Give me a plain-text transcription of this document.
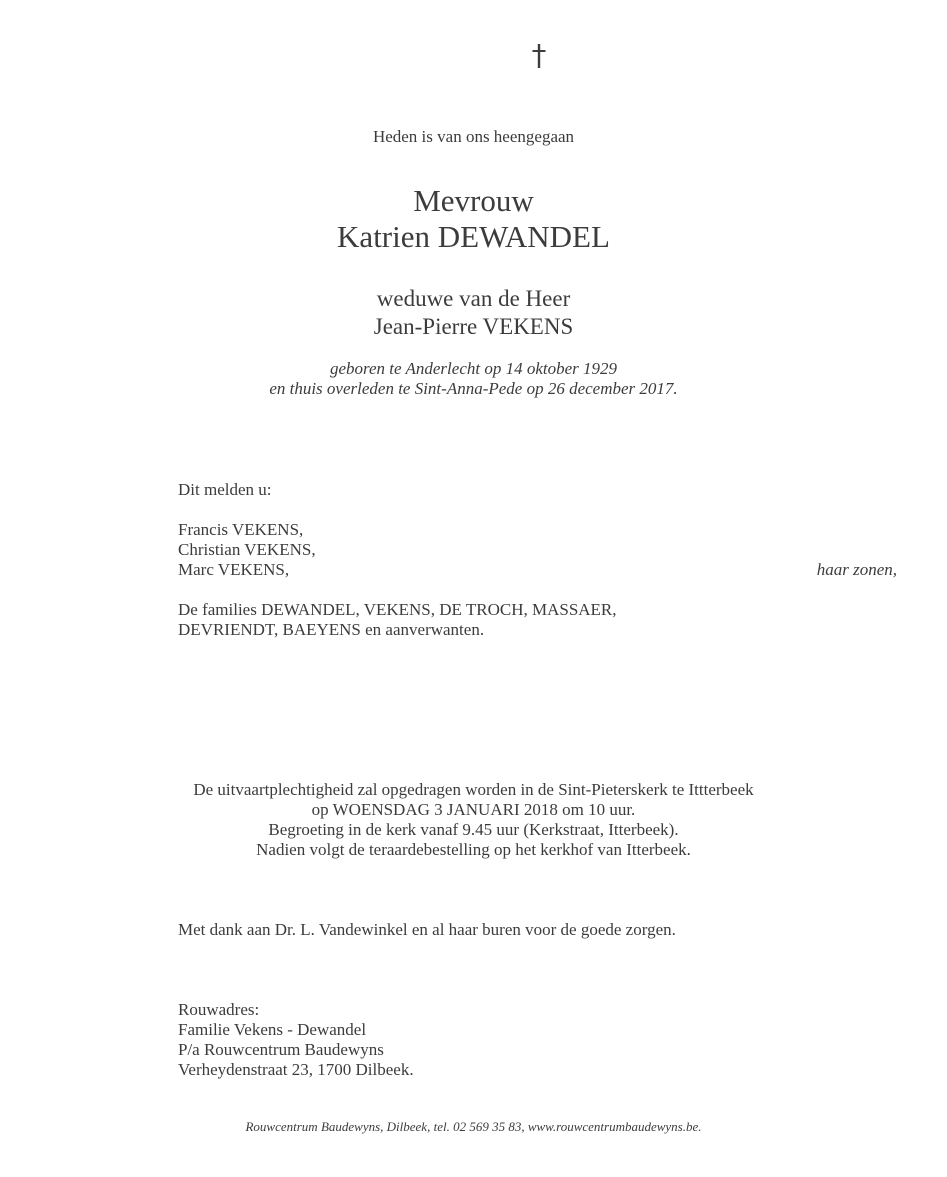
Heden is van ons heengegaan
Mevrouw
Katrien DEWANDEL
weduwe van de Heer
Jean-Pierre VEKENS
geboren te Anderlecht op 14 oktober 1929
en thuis overleden te Sint-Anna-Pede op 26 december 2017.
Dit melden u:
Francis VEKENS,
Christian VEKENS,
Marc VEKENS,	haar zonen,
De families DEWANDEL, VEKENS, DE TROCH, MASSAER,
DEVRIENDT, BAEYENS en aanverwanten.
De uitvaartplechtigheid zal opgedragen worden in de Sint-Pieterskerk te Ittterbeek
op WOENSDAG 3 JANUARI 2018 om 10 uur.
Begroeting in de kerk vanaf 9.45 uur (Kerkstraat, Itterbeek).
Nadien volgt de teraardebestelling op het kerkhof van Itterbeek.
Met dank aan Dr. L. Vandewinkel en al haar buren voor de goede zorgen.
Rouwadres:
Familie Vekens - Dewandel
P/a Rouwcentrum Baudewyns
Verheydenstraat 23, 1700 Dilbeek.
Rouwcentrum Baudewyns, Dilbeek, tel. 02 569 35 83, www.rouwcentrumbaudewyns.be.
